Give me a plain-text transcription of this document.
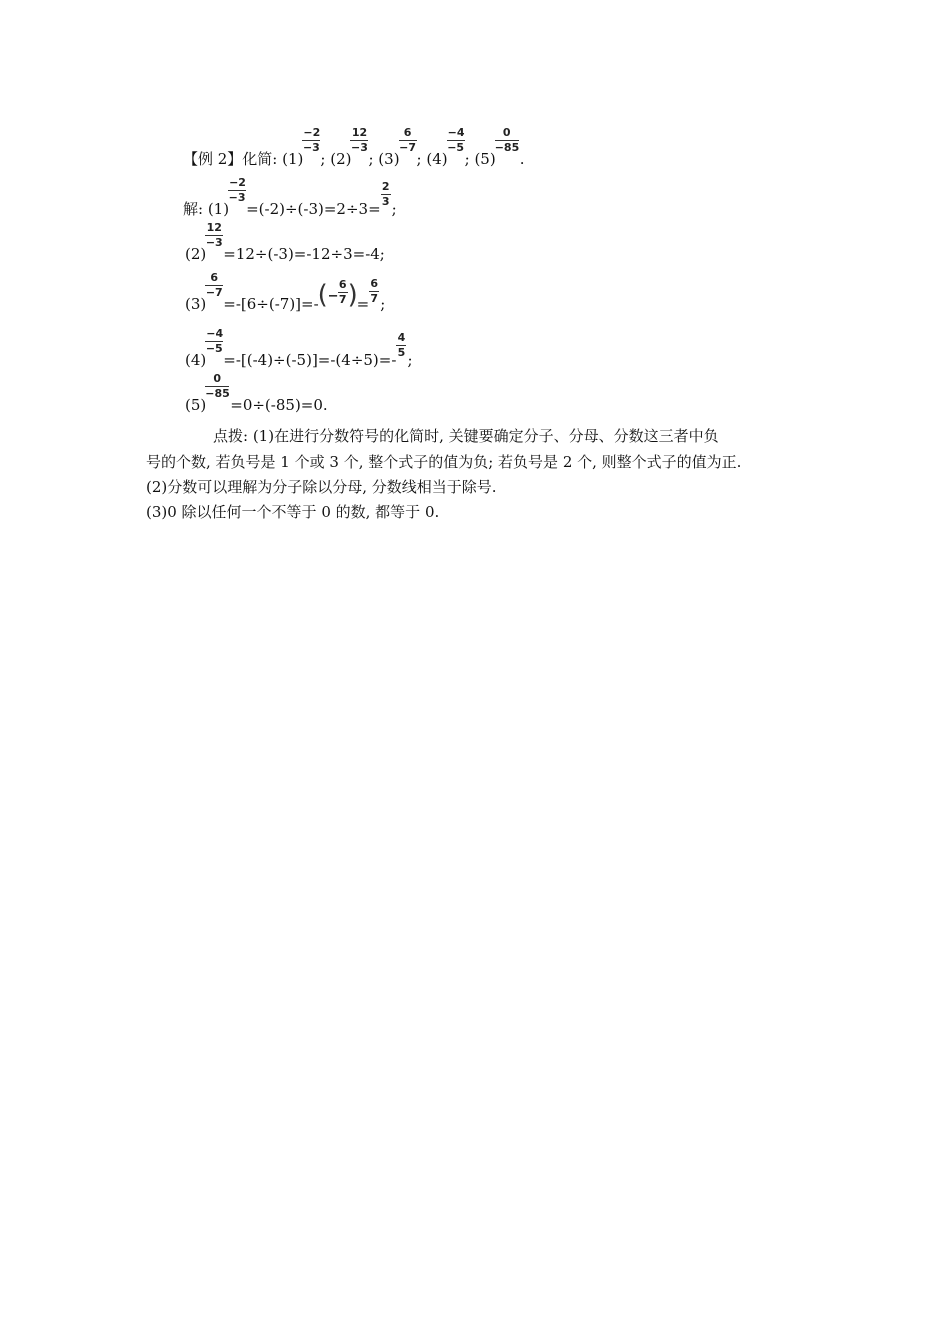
【例 2】化简: (1)
$\frac{-2}{-3}$
; (2)
$\frac{12}{-3}$
; (3)
$\frac{6}{-7}$
; (4)
$\frac{-4}{-5}$
; (5)
$\frac{0}{-85}$
.
解: (1)
$\frac{-2}{-3}$
=(-2)÷(-3)=2÷3=
$\frac{2}{3}$
;
(2)
$\frac{12}{-3}$
=12÷(-3)=-12÷3=-4;
(3)
$\frac{6}{-7}$
=-[6÷(-7)]=- ( − $\frac{6}{7}$ )
= $\frac{6}{7}$ ;
(4)
$\frac{-4}{-5}$
=-[(-4)÷(-5)]=-(4÷5)=-
$\frac{4}{5}$
;
(5)
$\frac{0}{-85}$
=0÷(-85)=0.
点拨: (1)在进行分数符号的化简时, 关键要确定分子、分母、分数这三者中负
号的个数, 若负号是 1 个或 3 个, 整个式子的值为负; 若负号是 2 个, 则整个式子的值为正.
(2)分数可以理解为分子除以分母, 分数线相当于除号.
(3)0 除以任何一个不等于 0 的数, 都等于 0.
